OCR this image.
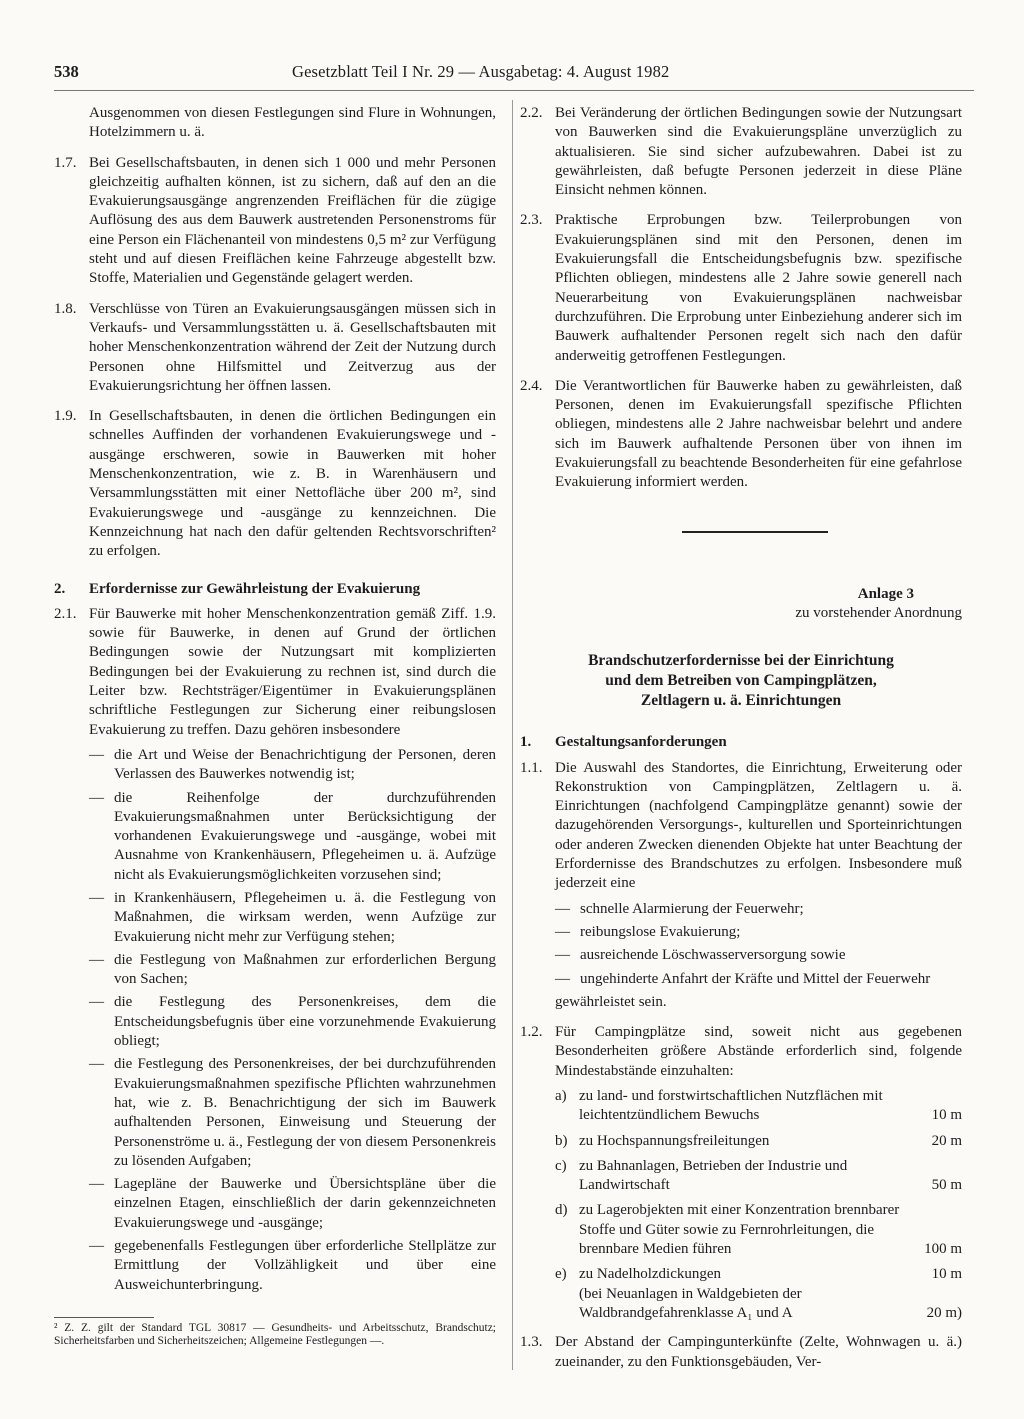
538	Gesetzblatt Teil I Nr. 29 — Ausgabetag: 4. August 1982
Ausgenommen von diesen Festlegungen sind Flure in Wohnungen, Hotelzimmern u. ä.
1.7. Bei Gesellschaftsbauten, in denen sich 1 000 und mehr Personen gleichzeitig aufhalten können, ist zu sichern, daß auf den an die Evakuierungsausgänge angrenzenden Freiflächen für die zügige Auflösung des aus dem Bauwerk austretenden Personenstroms für eine Person ein Flächenanteil von mindestens 0,5 m² zur Verfügung steht und auf diesen Freiflächen keine Fahrzeuge abgestellt bzw. Stoffe, Materialien und Gegenstände gelagert werden.
1.8. Verschlüsse von Türen an Evakuierungsausgängen müssen sich in Verkaufs- und Versammlungsstätten u. ä. Gesellschaftsbauten mit hoher Menschenkonzentration während der Zeit der Nutzung durch Personen ohne Hilfsmittel und Zeitverzug aus der Evakuierungsrichtung her öffnen lassen.
1.9. In Gesellschaftsbauten, in denen die örtlichen Bedingungen ein schnelles Auffinden der vorhandenen Evakuierungswege und -ausgänge erschweren, sowie in Bauwerken mit hoher Menschenkonzentration, wie z. B. in Warenhäusern und Versammlungsstätten mit einer Nettofläche über 200 m², sind Evakuierungswege und -ausgänge zu kennzeichnen. Die Kennzeichnung hat nach den dafür geltenden Rechtsvorschriften² zu erfolgen.
2.	Erfordernisse zur Gewährleistung der Evakuierung
2.1. Für Bauwerke mit hoher Menschenkonzentration gemäß Ziff. 1.9. sowie für Bauwerke, in denen auf Grund der örtlichen Bedingungen sowie der Nutzungsart mit komplizierten Bedingungen bei der Evakuierung zu rechnen ist, sind durch die Leiter bzw. Rechtsträger/Eigentümer in Evakuierungsplänen schriftliche Festlegungen zur Sicherung einer reibungslosen Evakuierung zu treffen. Dazu gehören insbesondere
— die Art und Weise der Benachrichtigung der Personen, deren Verlassen des Bauwerkes notwendig ist;
— die Reihenfolge der durchzuführenden Evakuierungsmaßnahmen unter Berücksichtigung der vorhandenen Evakuierungswege und -ausgänge, wobei mit Ausnahme von Krankenhäusern, Pflegeheimen u. ä. Aufzüge nicht als Evakuierungsmöglichkeiten vorzusehen sind;
— in Krankenhäusern, Pflegeheimen u. ä. die Festlegung von Maßnahmen, die wirksam werden, wenn Aufzüge zur Evakuierung nicht mehr zur Verfügung stehen;
— die Festlegung von Maßnahmen zur erforderlichen Bergung von Sachen;
— die Festlegung des Personenkreises, dem die Entscheidungsbefugnis über eine vorzunehmende Evakuierung obliegt;
— die Festlegung des Personenkreises, der bei durchzuführenden Evakuierungsmaßnahmen spezifische Pflichten wahrzunehmen hat, wie z. B. Benachrichtigung der sich im Bauwerk aufhaltenden Personen, Einweisung und Steuerung der Personenströme u. ä., Festlegung der von diesem Personenkreis zu lösenden Aufgaben;
— Lagepläne der Bauwerke und Übersichtspläne über die einzelnen Etagen, einschließlich der darin gekennzeichneten Evakuierungswege und -ausgänge;
— gegebenenfalls Festlegungen über erforderliche Stellplätze zur Ermittlung der Vollzähligkeit und über eine Ausweichunterbringung.
² Z. Z. gilt der Standard TGL 30817 — Gesundheits- und Arbeitsschutz, Brandschutz; Sicherheitsfarben und Sicherheitszeichen; Allgemeine Festlegungen —.
2.2. Bei Veränderung der örtlichen Bedingungen sowie der Nutzungsart von Bauwerken sind die Evakuierungspläne unverzüglich zu aktualisieren. Sie sind sicher aufzubewahren. Dabei ist zu gewährleisten, daß befugte Personen jederzeit in diese Pläne Einsicht nehmen können.
2.3. Praktische Erprobungen bzw. Teilerprobungen von Evakuierungsplänen sind mit den Personen, denen im Evakuierungsfall die Entscheidungsbefugnis bzw. spezifische Pflichten obliegen, mindestens alle 2 Jahre sowie generell nach Neuerarbeitung von Evakuierungsplänen nachweisbar durchzuführen. Die Erprobung unter Einbeziehung anderer sich im Bauwerk aufhaltender Personen regelt sich nach den dafür anderweitig getroffenen Festlegungen.
2.4. Die Verantwortlichen für Bauwerke haben zu gewährleisten, daß Personen, denen im Evakuierungsfall spezifische Pflichten obliegen, mindestens alle 2 Jahre nachweisbar belehrt und andere sich im Bauwerk aufhaltende Personen über von ihnen im Evakuierungsfall zu beachtende Besonderheiten für eine gefahrlose Evakuierung informiert werden.
Anlage 3
zu vorstehender Anordnung
Brandschutzerfordernisse bei der Einrichtung
und dem Betreiben von Campingplätzen,
Zeltlagern u. ä. Einrichtungen
1.	Gestaltungsanforderungen
1.1. Die Auswahl des Standortes, die Einrichtung, Erweiterung oder Rekonstruktion von Campingplätzen, Zeltlagern u. ä. Einrichtungen (nachfolgend Campingplätze genannt) sowie der dazugehörenden Versorgungs-, kulturellen und Sporteinrichtungen oder anderen Zwecken dienenden Objekte hat unter Beachtung der Erfordernisse des Brandschutzes zu erfolgen. Insbesondere muß jederzeit eine
— schnelle Alarmierung der Feuerwehr;
— reibungslose Evakuierung;
— ausreichende Löschwasserversorgung sowie
— ungehinderte Anfahrt der Kräfte und Mittel der Feuerwehr
gewährleistet sein.
1.2. Für Campingplätze sind, soweit nicht aus gegebenen Besonderheiten größere Abstände erforderlich sind, folgende Mindestabstände einzuhalten:
a) zu land- und forstwirtschaftlichen Nutzflächen mit leichtentzündlichem Bewuchs	10 m
b) zu Hochspannungsfreileitungen	20 m
c) zu Bahnanlagen, Betrieben der Industrie und Landwirtschaft	50 m
d) zu Lagerobjekten mit einer Konzentration brennbarer Stoffe und Güter sowie zu Fernrohrleitungen, die brennbare Medien führen	100 m
e) zu Nadelholzdickungen	10 m
(bei Neuanlagen in Waldgebieten der Waldbrandgefahrenklasse A₁ und A	20 m)
1.3. Der Abstand der Campingunterkünfte (Zelte, Wohnwagen u. ä.) zueinander, zu den Funktionsgebäuden, Ver-
